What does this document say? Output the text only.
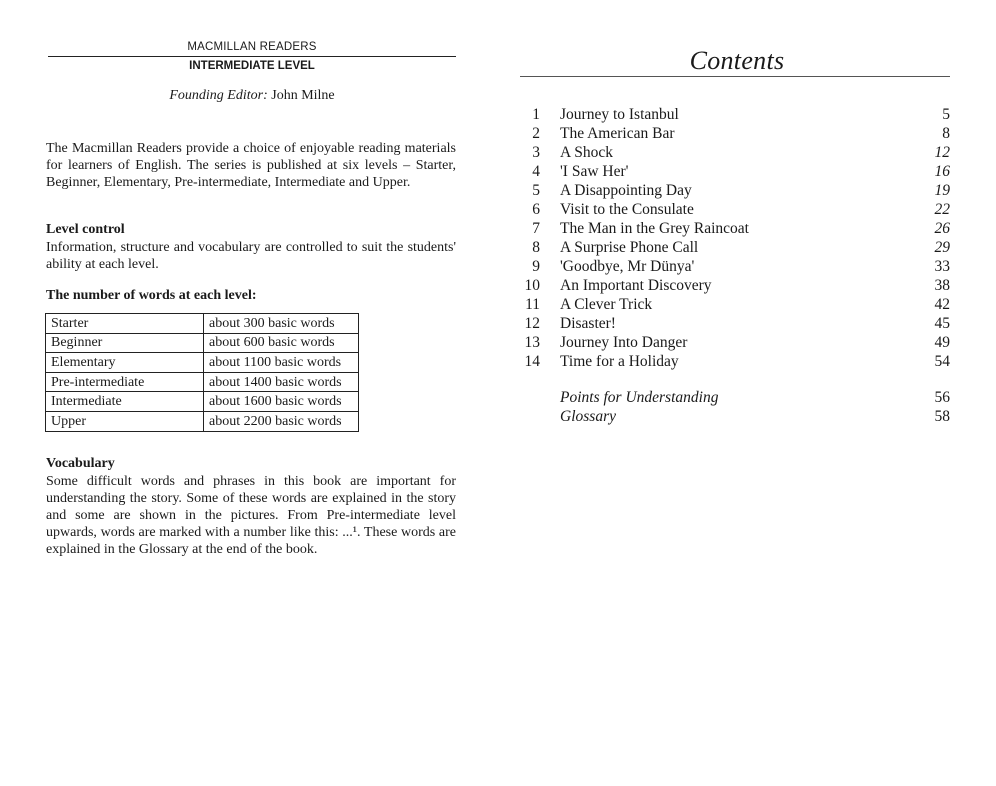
MACMILLAN READERS
INTERMEDIATE LEVEL
Founding Editor: John Milne

The Macmillan Readers provide a choice of enjoyable reading materials for learners of English. The series is published at six levels – Starter, Beginner, Elementary, Pre-intermediate, Intermediate and Upper.

Level control

Information, structure and vocabulary are controlled to suit the students' ability at each level.

The number of words at each level:
Starter	about 300 basic words
Beginner	about 600 basic words
Elementary	about 1100 basic words
Pre-intermediate	about 1400 basic words
Intermediate	about 1600 basic words
Upper	about 2200 basic words
Vocabulary

Some difficult words and phrases in this book are important for understanding the story. Some of these words are explained in the story and some are shown in the pictures. From Pre-intermediate level upwards, words are marked with a number like this: ...¹. These words are explained in the Glossary at the end of the book.

Contents
1 Journey to Istanbul	5
2 The American Bar	8
3 A Shock	12
4 'I Saw Her'	16
5 A Disappointing Day	19
6 Visit to the Consulate	22
7 The Man in the Grey Raincoat	26
8 A Surprise Phone Call	29
9 'Goodbye, Mr Dünya'	33
10 An Important Discovery	38
11 A Clever Trick	42
12 Disaster!	45
13 Journey Into Danger	49
14 Time for a Holiday	54
Points for Understanding	56
Glossary	58
